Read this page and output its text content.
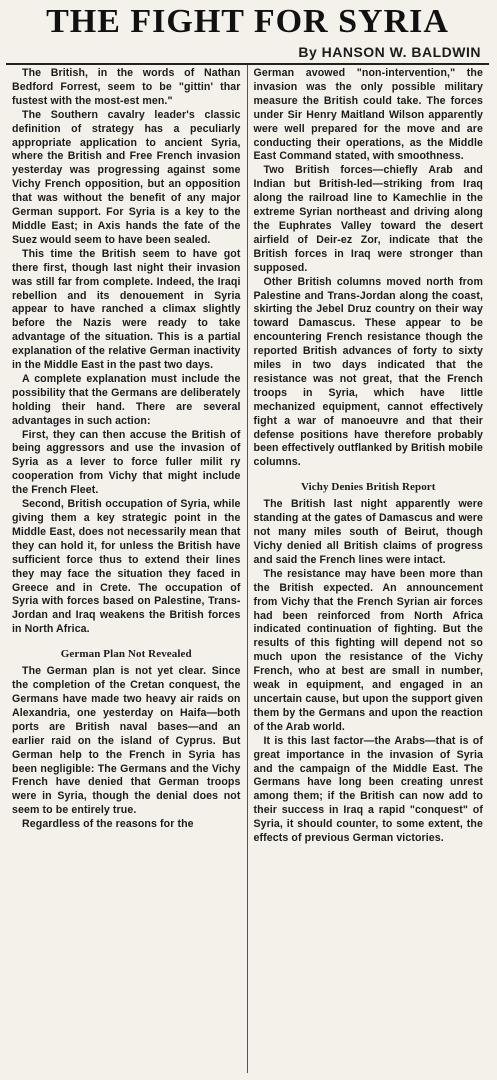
THE FIGHT FOR SYRIA
By HANSON W. BALDWIN

The British, in the words of Nathan Bedford Forrest, seem to be "gittin' thar fustest with the most-est men."

The Southern cavalry leader's classic definition of strategy has a peculiarly appropriate application to ancient Syria, where the British and Free French invasion yesterday was progressing against some Vichy French opposition, but an opposition that was without the benefit of any major German support. For Syria is a key to the Middle East; in Axis hands the fate of the Suez would seem to have been sealed.

This time the British seem to have got there first, though last night their invasion was still far from complete. Indeed, the Iraqi rebellion and its denouement in Syria appear to have ranched a climax slightly before the Nazis were ready to take advantage of the situation. This is a partial explanation of the relative German inactivity in the Middle East in the past two days.

A complete explanation must include the possibility that the Germans are deliberately holding their hand. There are several advantages in such action:

First, they can then accuse the British of being aggressors and use the invasion of Syria as a lever to force fuller milit ry cooperation from Vichy that might include the French Fleet.

Second, British occupation of Syria, while giving them a key strategic point in the Middle East, does not necessarily mean that they can hold it, for unless the British have sufficient force thus to extend their lines they may face the situation they faced in Greece and in Crete. The occupation of Syria with forces based on Palestine, Trans-Jordan and Iraq weakens the British forces in North Africa.

German Plan Not Revealed

The German plan is not yet clear. Since the completion of the Cretan conquest, the Germans have made two heavy air raids on Alexandria, one yesterday on Haifa—both ports are British naval bases—and an earlier raid on the island of Cyprus. But German help to the French in Syria has been negligible: The Germans and the Vichy French have denied that German troops were in Syria, though the denial does not seem to be entirely true.

Regardless of the reasons for the

German avowed "non-intervention," the invasion was the only possible military measure the British could take. The forces under Sir Henry Maitland Wilson apparently were well prepared for the move and are conducting their operations, as the Middle East Command stated, with smoothness.

Two British forces—chiefly Arab and Indian but British-led—striking from Iraq along the railroad line to Kamechlie in the extreme Syrian northeast and driving along the Euphrates Valley toward the desert airfield of Deir-ez Zor, indicate that the British forces in Iraq were stronger than supposed.

Other British columns moved north from Palestine and Trans-Jordan along the coast, skirting the Jebel Druz country on their way toward Damascus. These appear to be encountering French resistance though the reported British advances of forty to sixty miles in two days indicated that the resistance was not great, that the French troops in Syria, which have little mechanized equipment, cannot effectively fight a war of manoeuvre and that their defense positions have therefore probably been effectively outflanked by British mobile columns.

Vichy Denies British Report

The British last night apparently were standing at the gates of Damascus and were not many miles south of Beirut, though Vichy denied all British claims of progress and said the French lines were intact.

The resistance may have been more than the British expected. An announcement from Vichy that the French Syrian air forces had been reinforced from North Africa indicated continuation of fighting. But the results of this fighting will depend not so much upon the resistance of the Vichy French, who at best are small in number, weak in equipment, and engaged in an uncertain cause, but upon the support given them by the Germans and upon the reaction of the Arab world.

It is this last factor—the Arabs—that is of great importance in the invasion of Syria and the campaign of the Middle East. The Germans have long been creating unrest among them; if the British can now add to their success in Iraq a rapid "conquest" of Syria, it should counter, to some extent, the effects of previous German victories.
